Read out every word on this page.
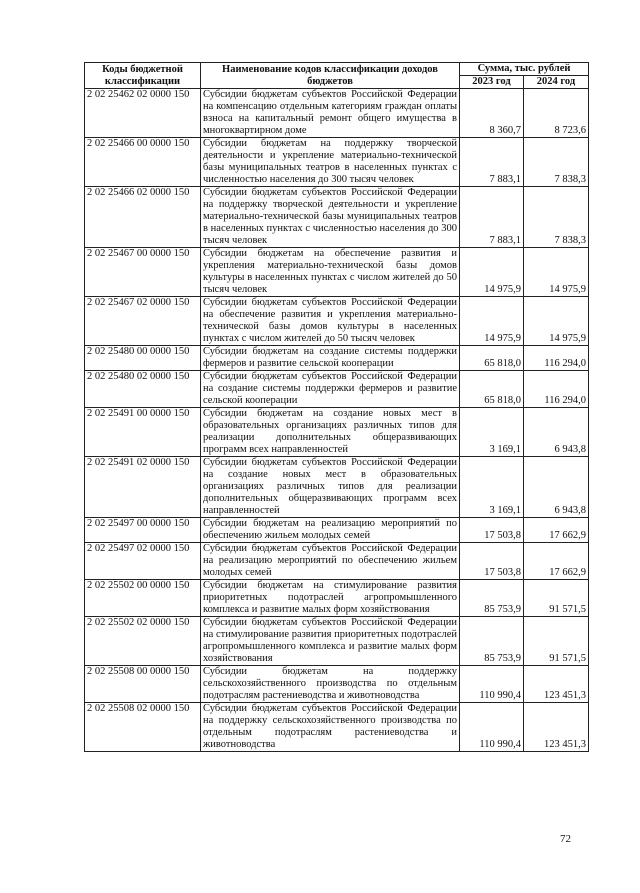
Коды бюджетной классификации	Наименование кодов классификации доходов бюджетов	Сумма, тыс. рублей	
		2023 год	2024 год
2 02 25462 02 0000 150	Субсидии бюджетам субъектов Российской Федерации на компенсацию отдельным категориям граждан оплаты взноса на капитальный ремонт общего имущества в многоквартирном доме	8 360,7	8 723,6
2 02 25466 00 0000 150	Субсидии бюджетам на поддержку творческой деятельности и укрепление материально-технической базы муниципальных театров в населенных пунктах с численностью населения до 300 тысяч человек	7 883,1	7 838,3
2 02 25466 02 0000 150	Субсидии бюджетам субъектов Российской Федерации на поддержку творческой деятельности и укрепление материально-технической базы муниципальных театров в населенных пунктах с численностью населения до 300 тысяч человек	7 883,1	7 838,3
2 02 25467 00 0000 150	Субсидии бюджетам на обеспечение развития и укрепления материально-технической базы домов культуры в населенных пунктах с числом жителей до 50 тысяч человек	14 975,9	14 975,9
2 02 25467 02 0000 150	Субсидии бюджетам субъектов Российской Федерации на обеспечение развития и укрепления материально-технической базы домов культуры в населенных пунктах с числом жителей до 50 тысяч человек	14 975,9	14 975,9
2 02 25480 00 0000 150	Субсидии бюджетам на создание системы поддержки фермеров и развитие сельской кооперации	65 818,0	116 294,0
2 02 25480 02 0000 150	Субсидии бюджетам субъектов Российской Федерации на создание системы поддержки фермеров и развитие сельской кооперации	65 818,0	116 294,0
2 02 25491 00 0000 150	Субсидии бюджетам на создание новых мест в образовательных организациях различных типов для реализации дополнительных общеразвивающих программ всех направленностей	3 169,1	6 943,8
2 02 25491 02 0000 150	Субсидии бюджетам субъектов Российской Федерации на создание новых мест в образовательных организациях различных типов для реализации дополнительных общеразвивающих программ всех направленностей	3 169,1	6 943,8
2 02 25497 00 0000 150	Субсидии бюджетам на реализацию мероприятий по обеспечению жильем молодых семей	17 503,8	17 662,9
2 02 25497 02 0000 150	Субсидии бюджетам субъектов Российской Федерации на реализацию мероприятий по обеспечению жильем молодых семей	17 503,8	17 662,9
2 02 25502 00 0000 150	Субсидии бюджетам на стимулирование развития приоритетных подотраслей агропромышленного комплекса и развитие малых форм хозяйствования	85 753,9	91 571,5
2 02 25502 02 0000 150	Субсидии бюджетам субъектов Российской Федерации на стимулирование развития приоритетных подотраслей агропромышленного комплекса и развитие малых форм хозяйствования	85 753,9	91 571,5
2 02 25508 00 0000 150	Субсидии бюджетам на поддержку сельскохозяйственного производства по отдельным подотраслям растениеводства и животноводства	110 990,4	123 451,3
2 02 25508 02 0000 150	Субсидии бюджетам субъектов Российской Федерации на поддержку сельскохозяйственного производства по отдельным подотраслям растениеводства и животноводства	110 990,4	123 451,3
72
